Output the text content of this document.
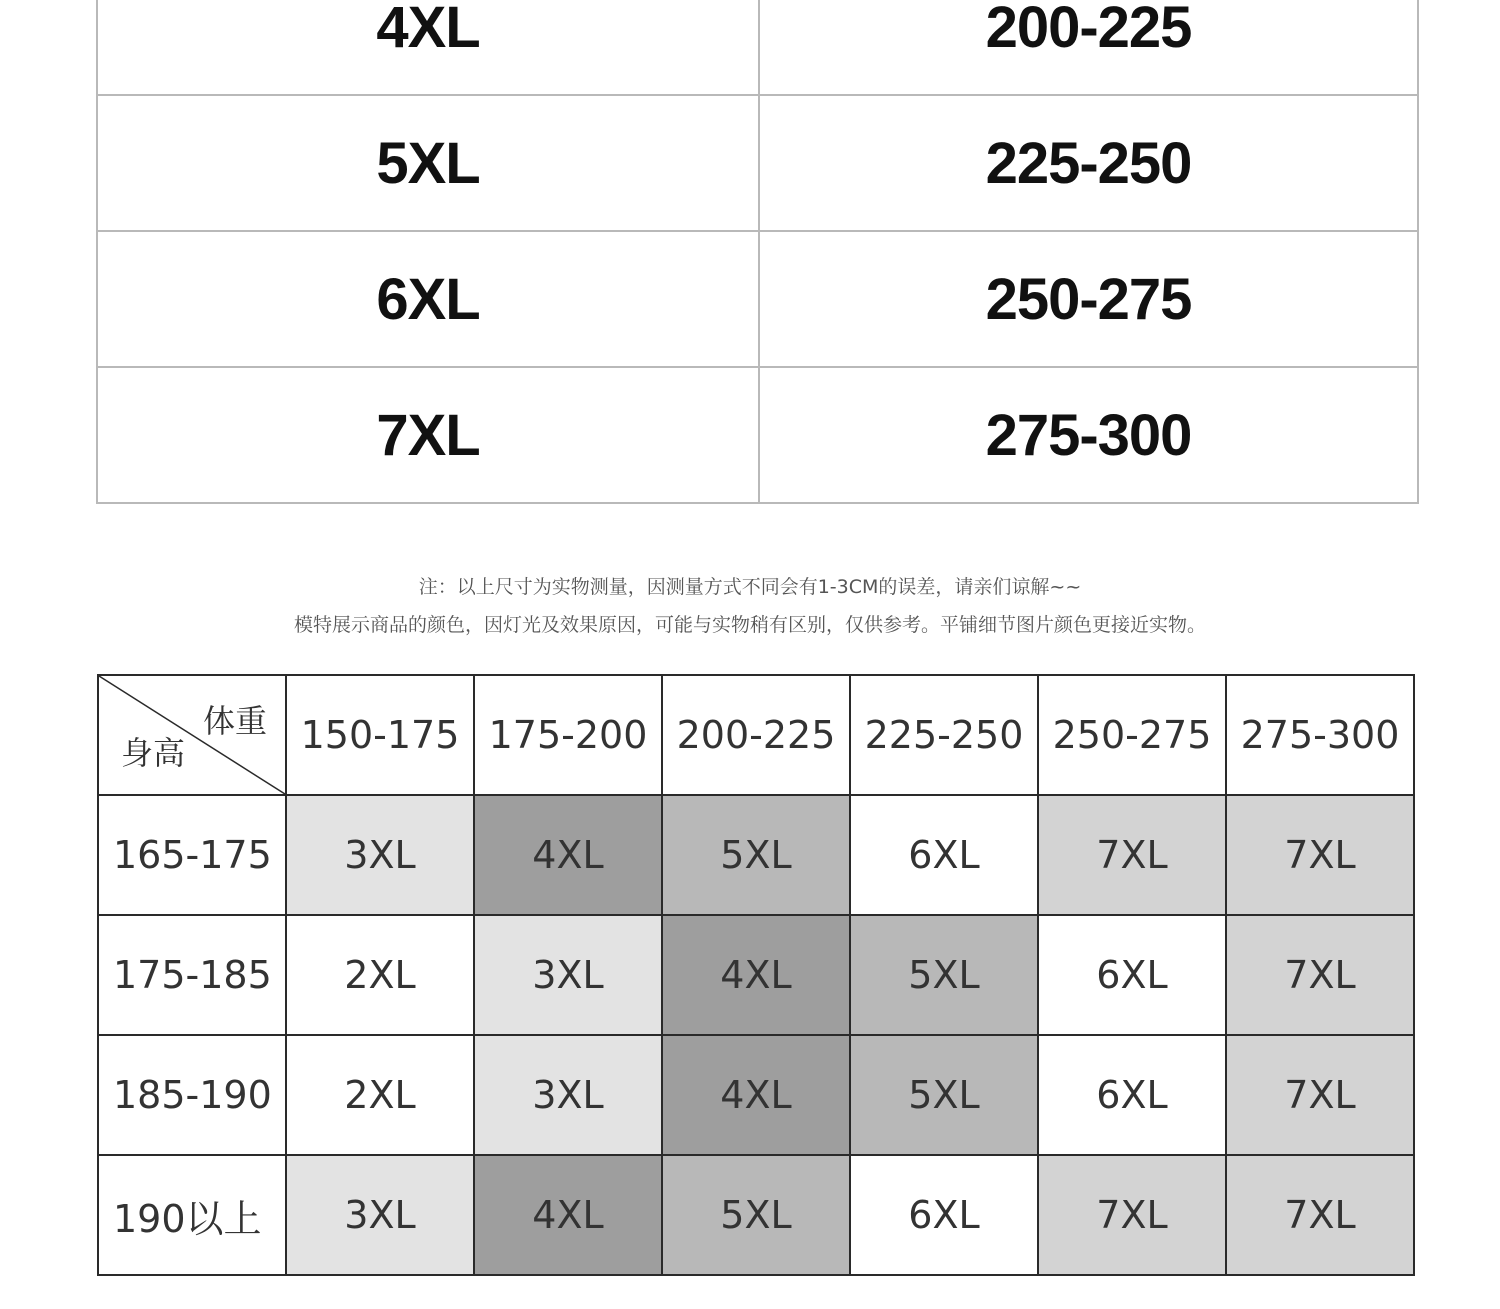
4XL	200-225
5XL	225-250
6XL	250-275
7XL	275-300
注：以上尺寸为实物测量，因测量方式不同会有1-3CM的误差，请亲们谅解~~
模特展示商品的颜色，因灯光及效果原因，可能与实物稍有区别，仅供参考。平铺细节图片颜色更接近实物。
体重
身高	150-175	175-200	200-225	225-250	250-275	275-300
165-175	3XL	4XL	5XL	6XL	7XL	7XL
175-185	2XL	3XL	4XL	5XL	6XL	7XL
185-190	2XL	3XL	4XL	5XL	6XL	7XL
190以上	3XL	4XL	5XL	6XL	7XL	7XL
